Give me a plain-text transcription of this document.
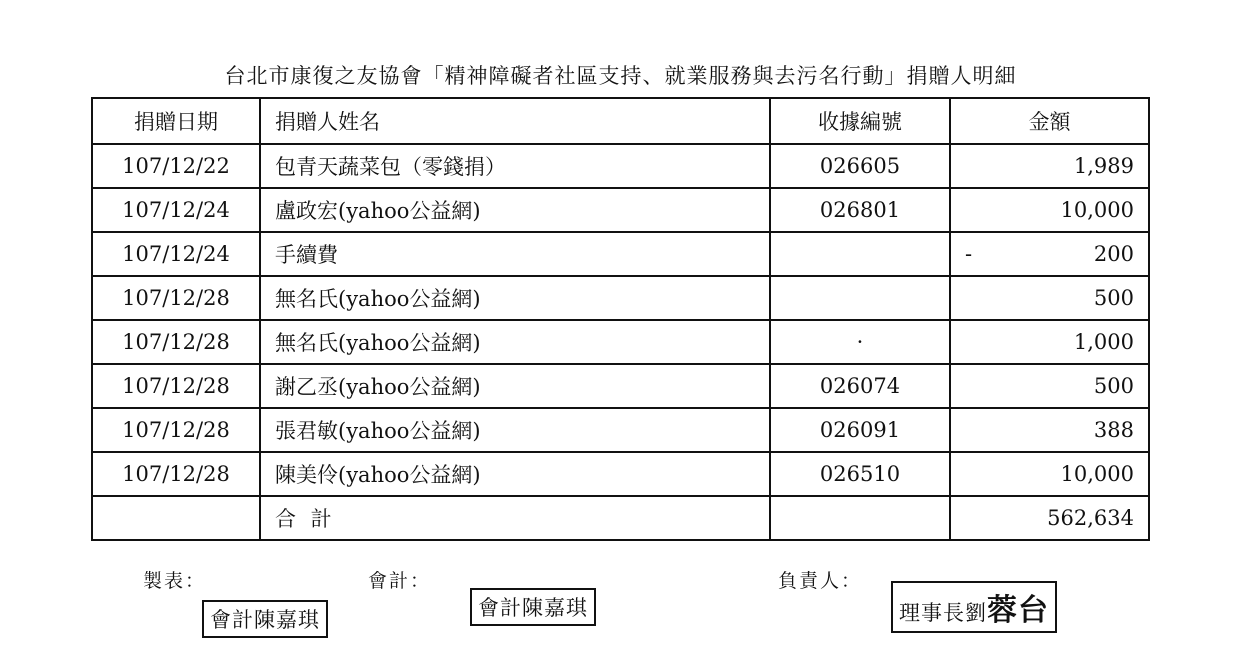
台北市康復之友協會「精神障礙者社區支持、就業服務與去污名行動」捐贈人明細
捐贈日期	捐贈人姓名	收據編號	金額
107/12/22	包青天蔬菜包（零錢捐）	026605	1,989

107/12/24	盧政宏(yahoo公益網)	026801	10,000

107/12/24	手續費		- 200

107/12/28	無名氏(yahoo公益網)		500

107/12/28	無名氏(yahoo公益網)	·	1,000

107/12/28	謝乙丞(yahoo公益網)	026074	500

107/12/28	張君敏(yahoo公益網)	026091	388

107/12/28	陳美伶(yahoo公益網)	026510	10,000

	合 計		562,634
製表：	會計：	負責人：
會計陳嘉琪	會計陳嘉琪	理事長劉蓉台
